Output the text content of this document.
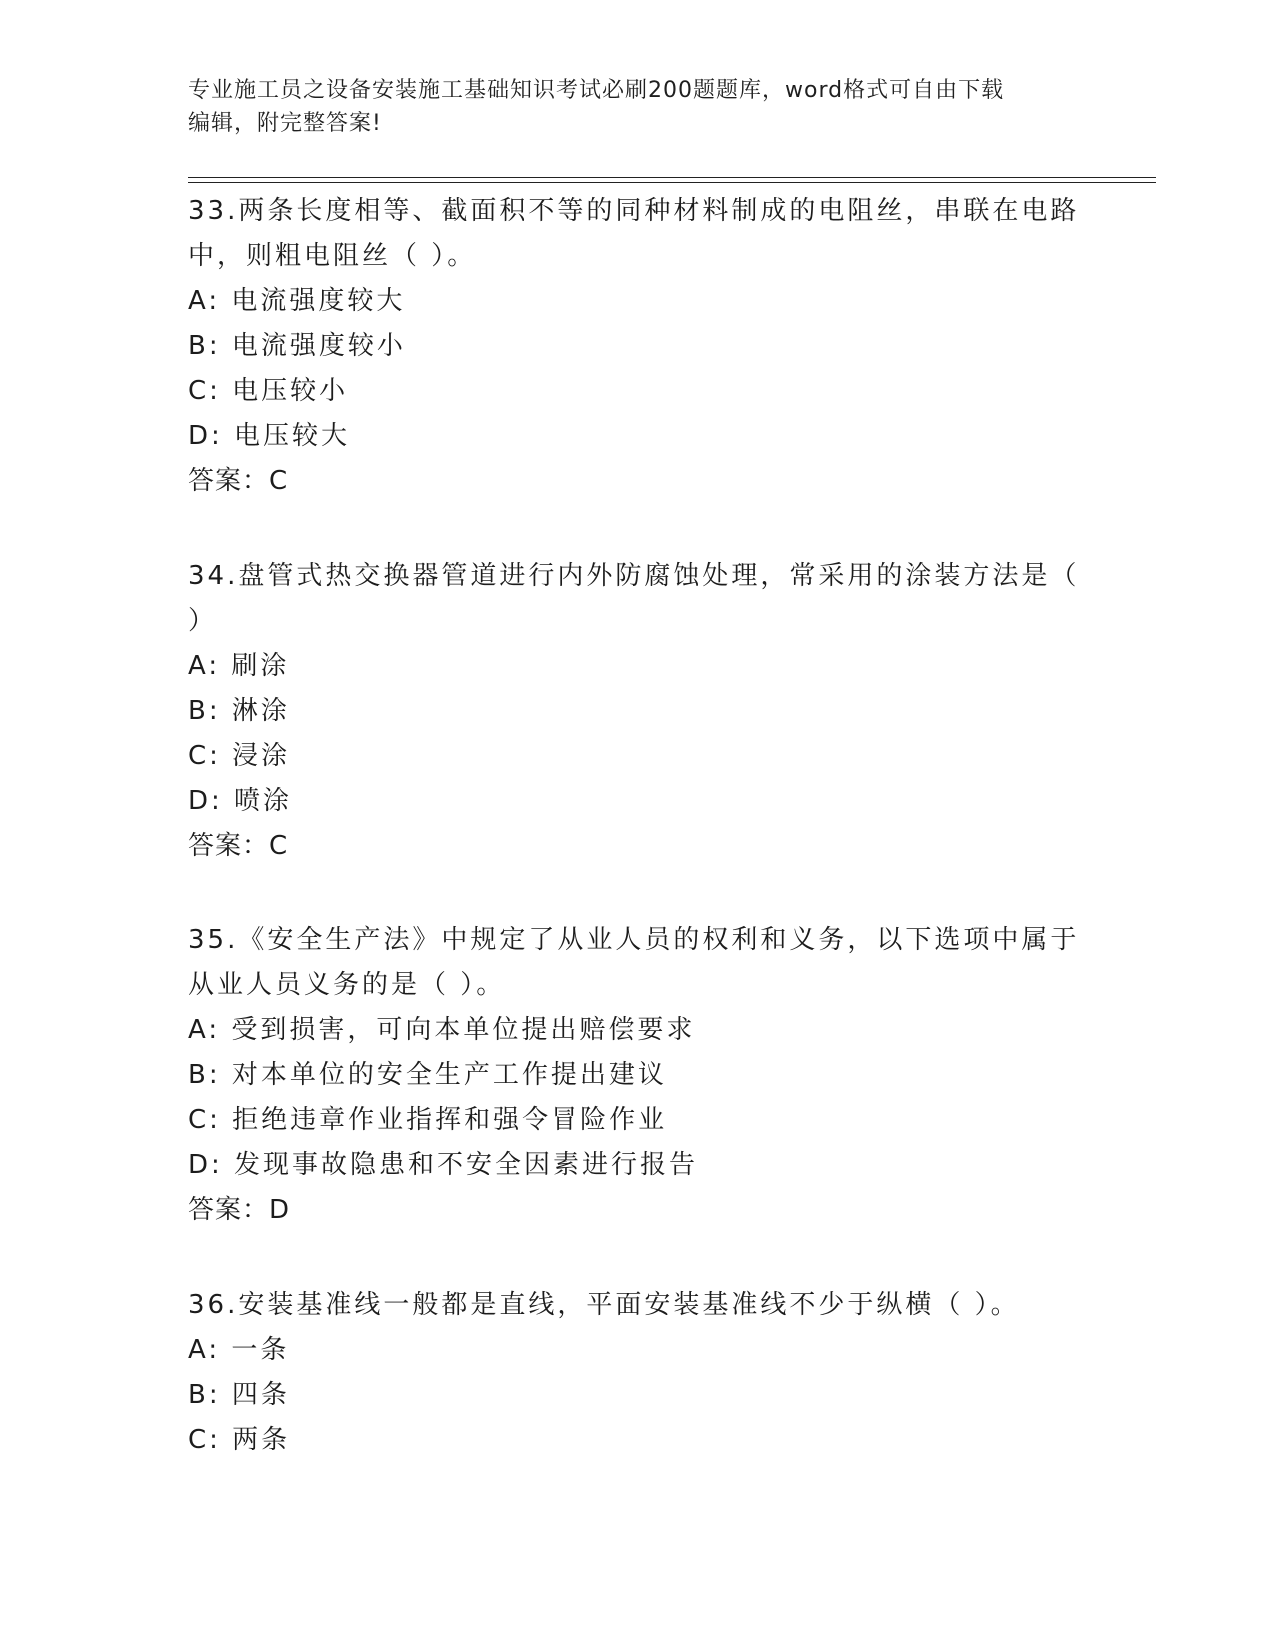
专业施工员之设备安装施工基础知识考试必刷200题题库，word格式可自由下载
编辑，附完整答案!
33.两条长度相等、截面积不等的同种材料制成的电阻丝，串联在电路
中，则粗电阻丝（ ）。
A: 电流强度较大
B: 电流强度较小
C: 电压较小
D: 电压较大
答案：C
34.盘管式热交换器管道进行内外防腐蚀处理，常采用的涂装方法是（
）
A: 刷涂
B: 淋涂
C: 浸涂
D: 喷涂
答案：C
35.《安全生产法》中规定了从业人员的权利和义务，以下选项中属于
从业人员义务的是（ ）。
A: 受到损害，可向本单位提出赔偿要求
B: 对本单位的安全生产工作提出建议
C: 拒绝违章作业指挥和强令冒险作业
D: 发现事故隐患和不安全因素进行报告
答案：D
36.安装基准线一般都是直线，平面安装基准线不少于纵横（ ）。
A: 一条
B: 四条
C: 两条
